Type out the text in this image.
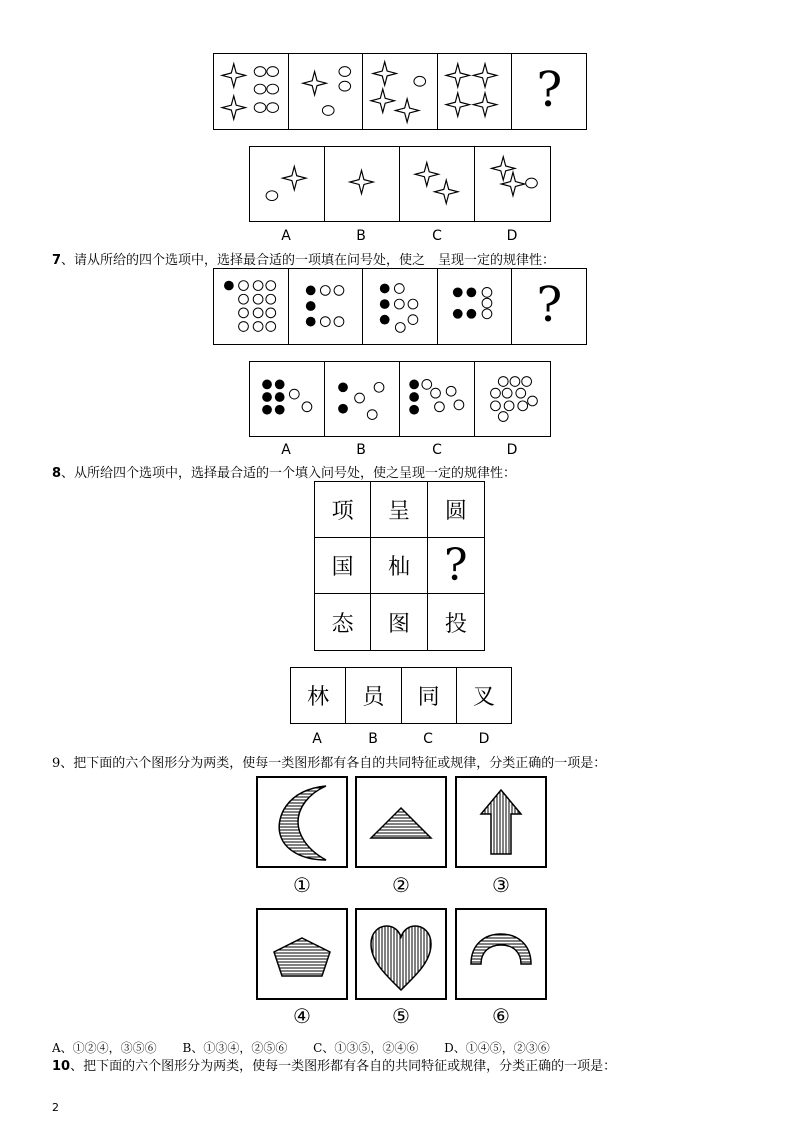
?
A	B	C	D
7、请从所给的四个选项中，选择最合适的一项填在问号处，使之　呈现一定的规律性：
?
A	B	C	D
8、从所给四个选项中，选择最合适的一个填入问号处，使之呈现一定的规律性：
项	呈	圆
国	杣 ?
态	图	投
林	员	同	叉
A	B	C	D
9、把下面的六个图形分为两类，使每一类图形都有各自的共同特征或规律，分类正确的一项是：
①	②	③
④	⑤	⑥
A、①②④，③⑤⑥ B、①③④，②⑤⑥ C、①③⑤，②④⑥ D、①④⑤，②③⑥
10、把下面的六个图形分为两类，使每一类图形都有各自的共同特征或规律，分类正确的一项是：
2
